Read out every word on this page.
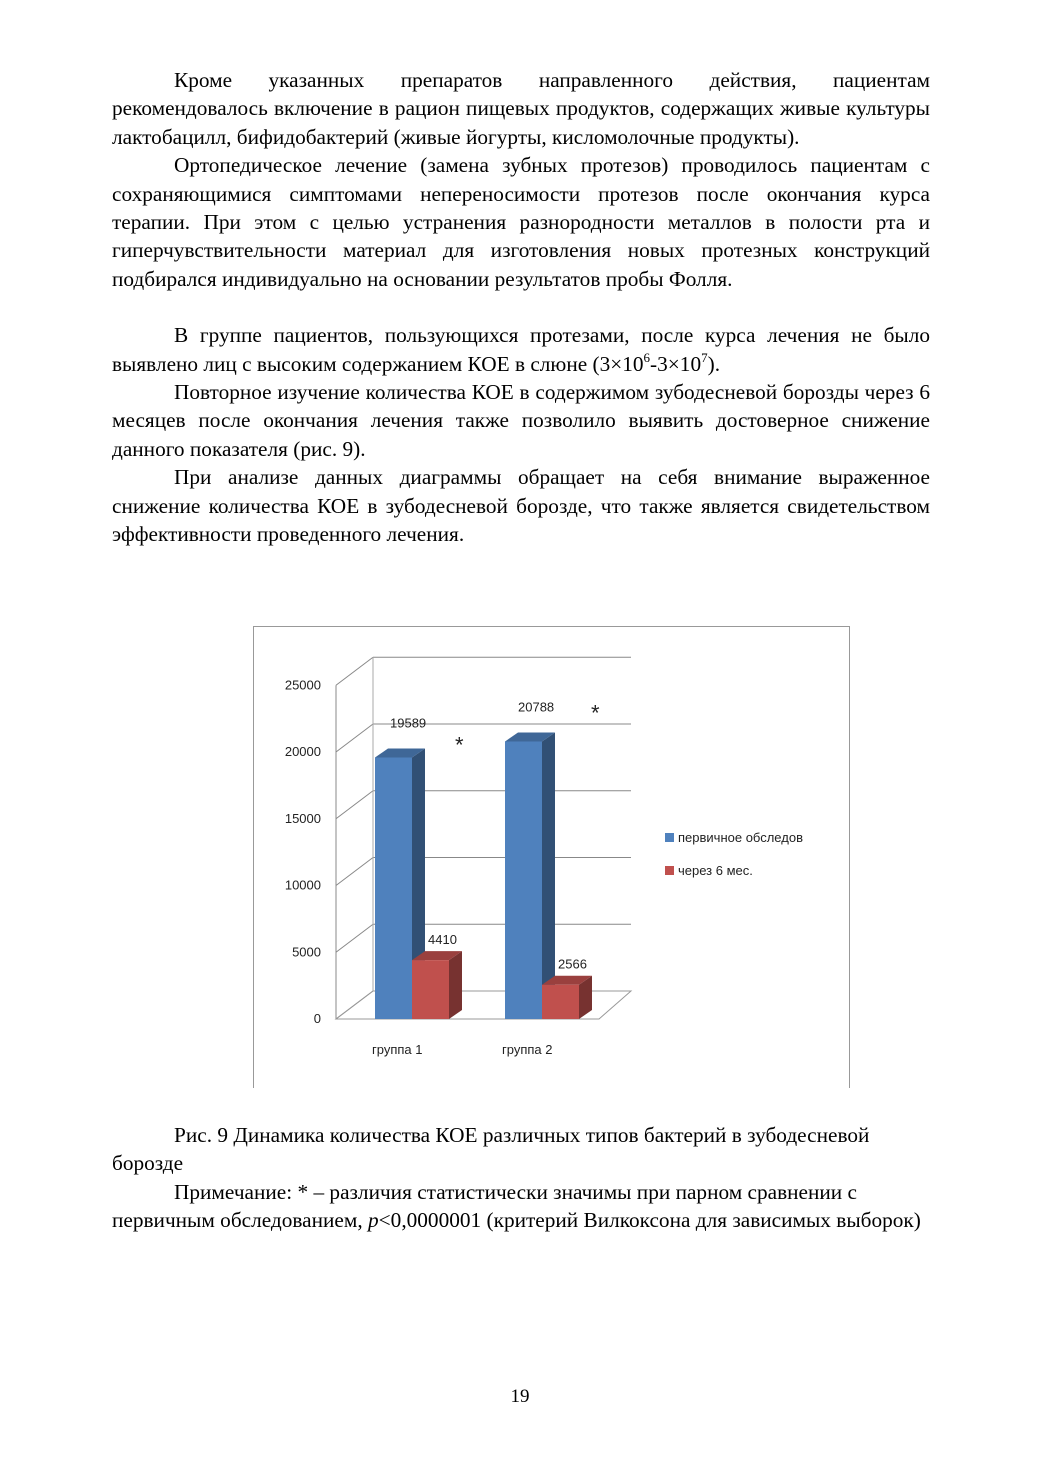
Кроме указанных препаратов направленного действия, пациентам рекомендовалось включение в рацион пищевых продуктов, содержащих живые культуры лактобацилл, бифидобактерий (живые йогурты, кисломолочные продукты).

Ортопедическое лечение (замена зубных протезов) проводилось пациентам с сохраняющимися симптомами непереносимости протезов после окончания курса терапии. При этом с целью устранения разнородности металлов в полости рта и гиперчувствительности материал для изготовления новых протезных конструкций подбирался индивидуально на основании результатов пробы Фолля.

В группе пациентов, пользующихся протезами, после курса лечения не было выявлено лиц с высоким содержанием КОЕ в слюне $(3\times 10^6-3\times 10^7)$.

Повторное изучение количества КОЕ в содержимом зубодесневой борозды через 6 месяцев после окончания лечения также позволило выявить достоверное снижение данного показателя (рис. 9).

При анализе данных диаграммы обращает на себя внимание выраженное снижение количества КОЕ в зубодесневой борозде, что также является свидетельством эффективности проведенного лечения.

0
5000
10000
15000
20000
25000
19589
4410
*
группа 1
20788
2566
*
группа 2
первичное обследов
через 6 мес.

Рис. 9 Динамика количества КОЕ различных типов бактерий в зубодесневой борозде

Примечание: * – различия статистически значимы при парном сравнении с первичным обследованием, p<0,0000001 (критерий Вилкоксона для зависимых выборок)

19
